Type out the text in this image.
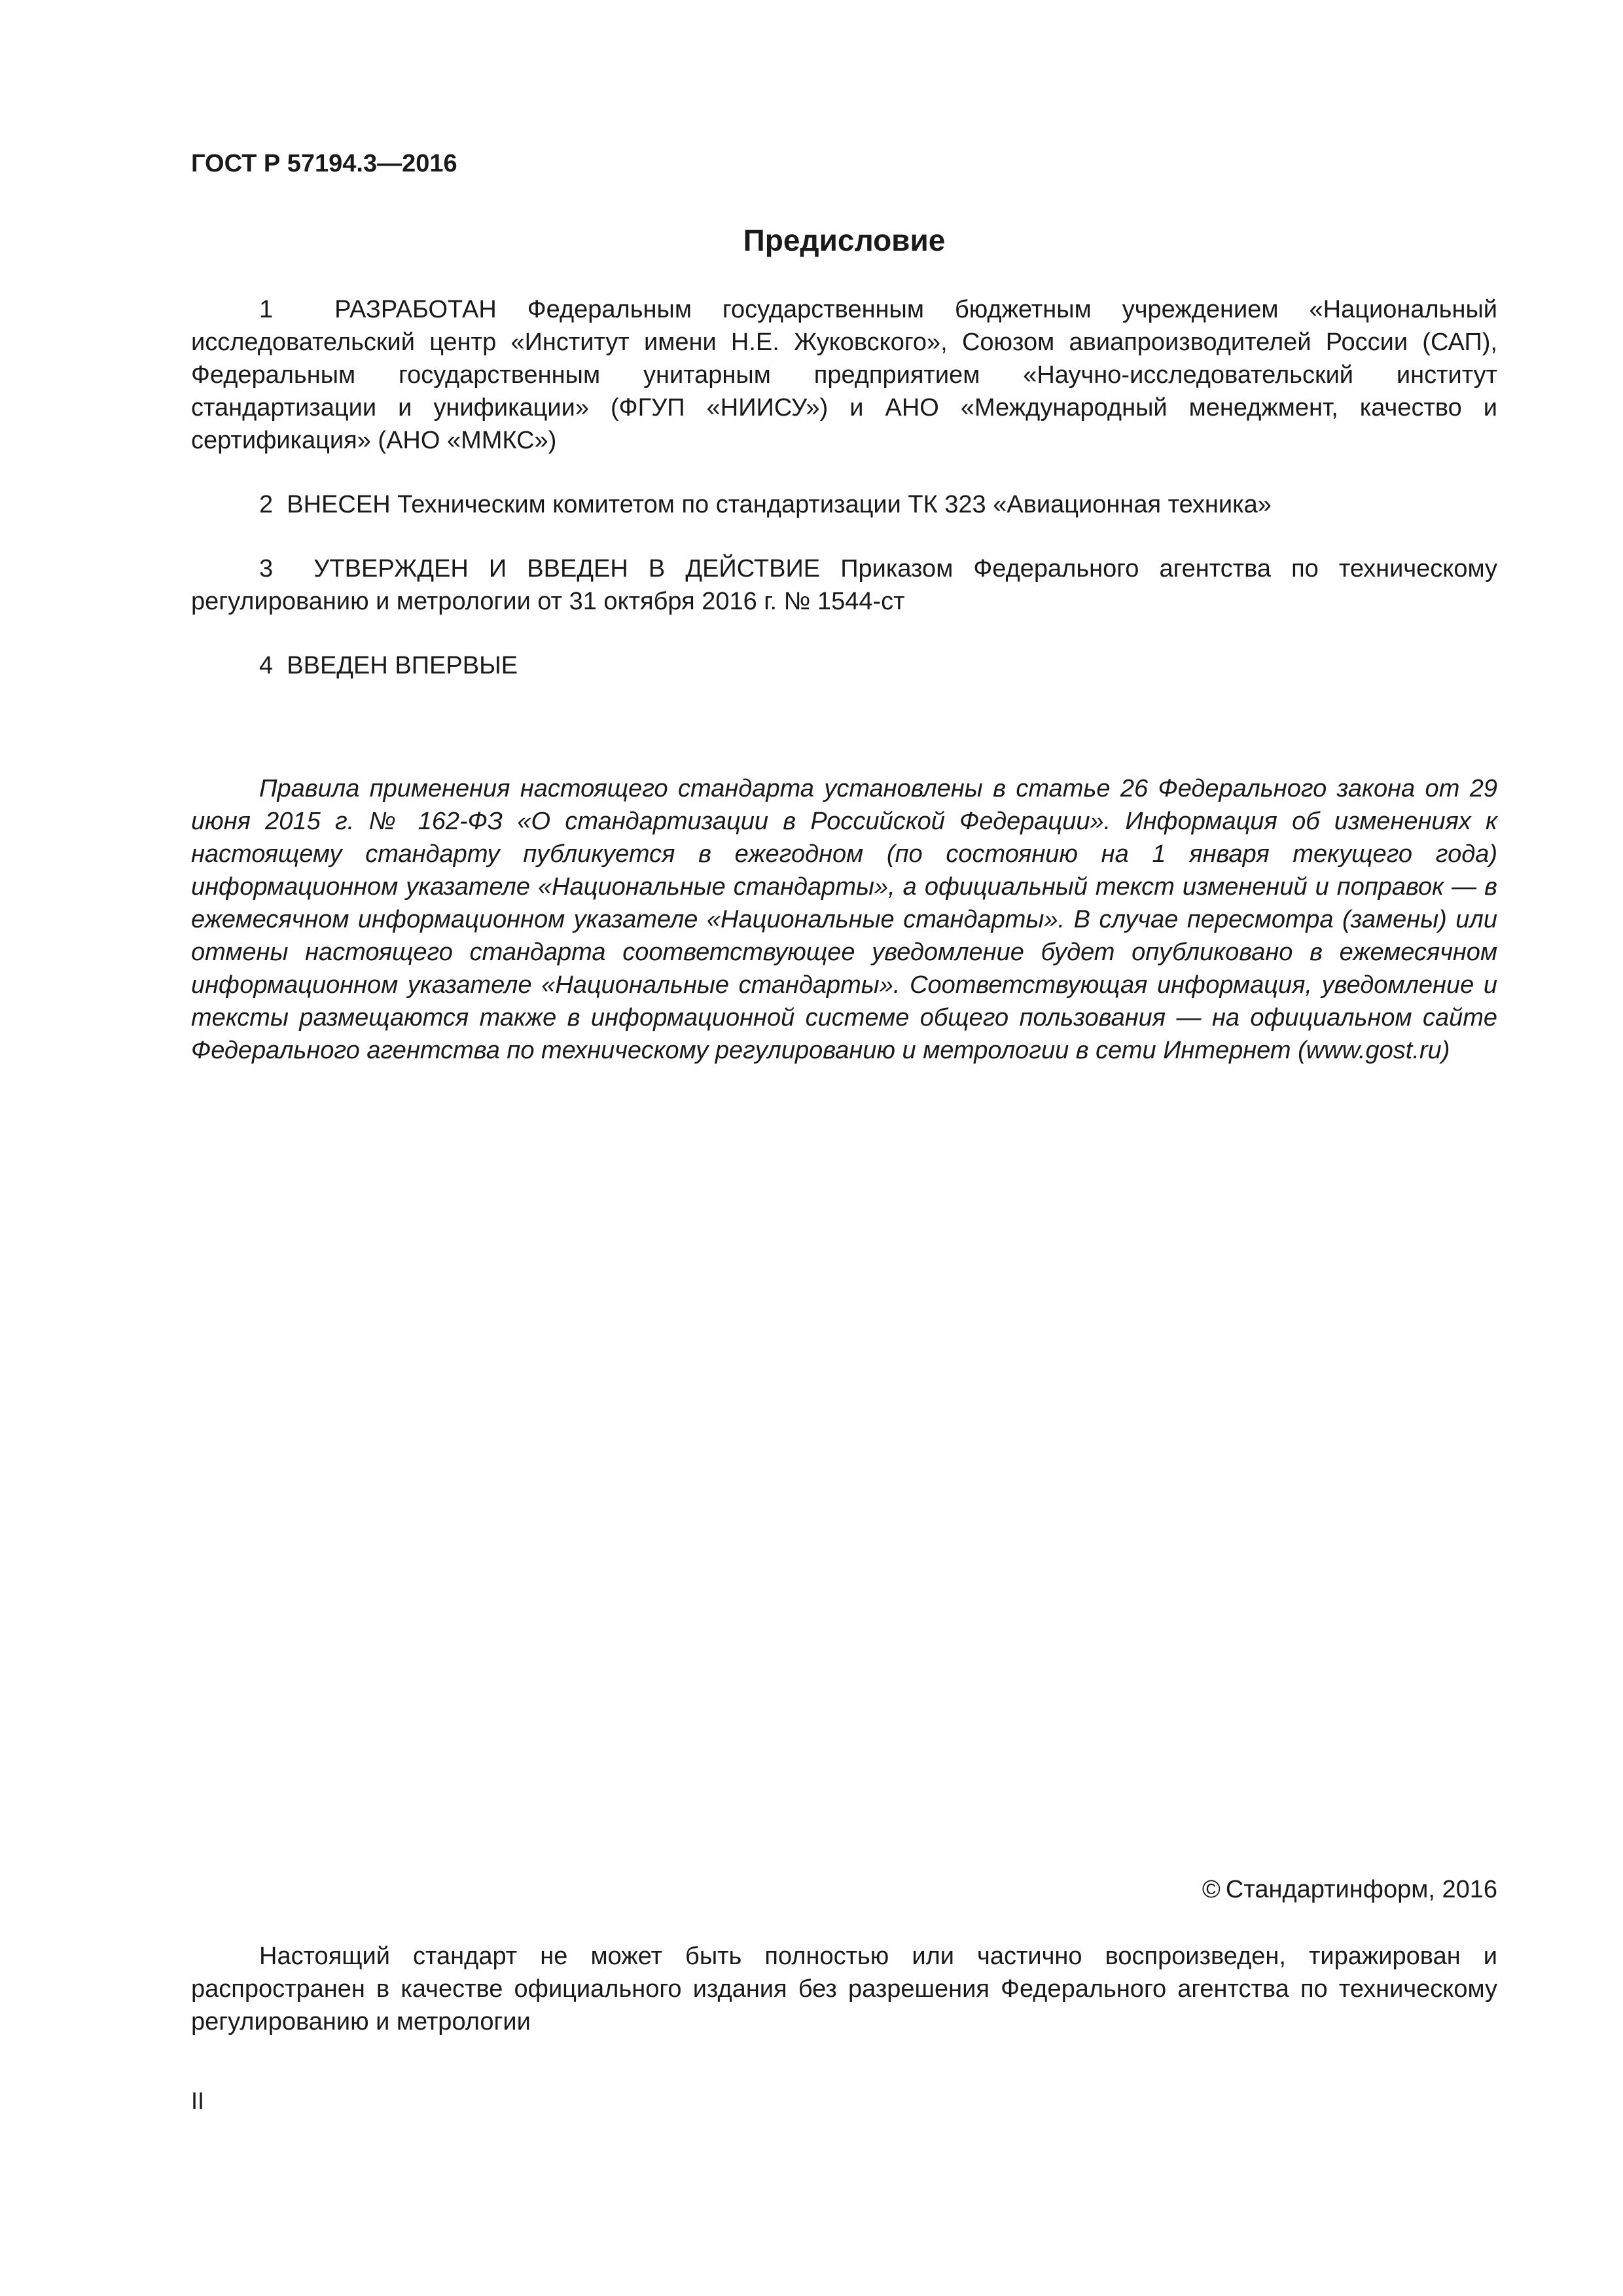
ГОСТ Р 57194.3—2016
Предисловие

1 РАЗРАБОТАН Федеральным государственным бюджетным учреждением «Национальный исследовательский центр «Институт имени Н.Е. Жуковского», Союзом авиапроизводителей России (САП), Федеральным государственным унитарным предприятием «Научно-исследовательский институт стандартизации и унификации» (ФГУП «НИИСУ») и АНО «Международный менеджмент, качество и сертификация» (АНО «ММКС»)

2 ВНЕСЕН Техническим комитетом по стандартизации ТК 323 «Авиационная техника»

3 УТВЕРЖДЕН И ВВЕДЕН В ДЕЙСТВИЕ Приказом Федерального агентства по техническому регулированию и метрологии от 31 октября 2016 г. № 1544-ст

4 ВВЕДЕН ВПЕРВЫЕ

Правила применения настоящего стандарта установлены в статье 26 Федерального закона от 29 июня 2015 г. № 162-ФЗ «О стандартизации в Российской Федерации». Информация об изменениях к настоящему стандарту публикуется в ежегодном (по состоянию на 1 января текущего года) информационном указателе «Национальные стандарты», а официальный текст изменений и поправок — в ежемесячном информационном указателе «Национальные стандарты». В случае пересмотра (замены) или отмены настоящего стандарта соответствующее уведомление будет опубликовано в ежемесячном информационном указателе «Национальные стандарты». Соответствующая информация, уведомление и тексты размещаются также в информационной системе общего пользования — на официальном сайте Федерального агентства по техническому регулированию и метрологии в сети Интернет (www.gost.ru)

© Стандартинформ, 2016

Настоящий стандарт не может быть полностью или частично воспроизведен, тиражирован и распространен в качестве официального издания без разрешения Федерального агентства по техническому регулированию и метрологии

II
